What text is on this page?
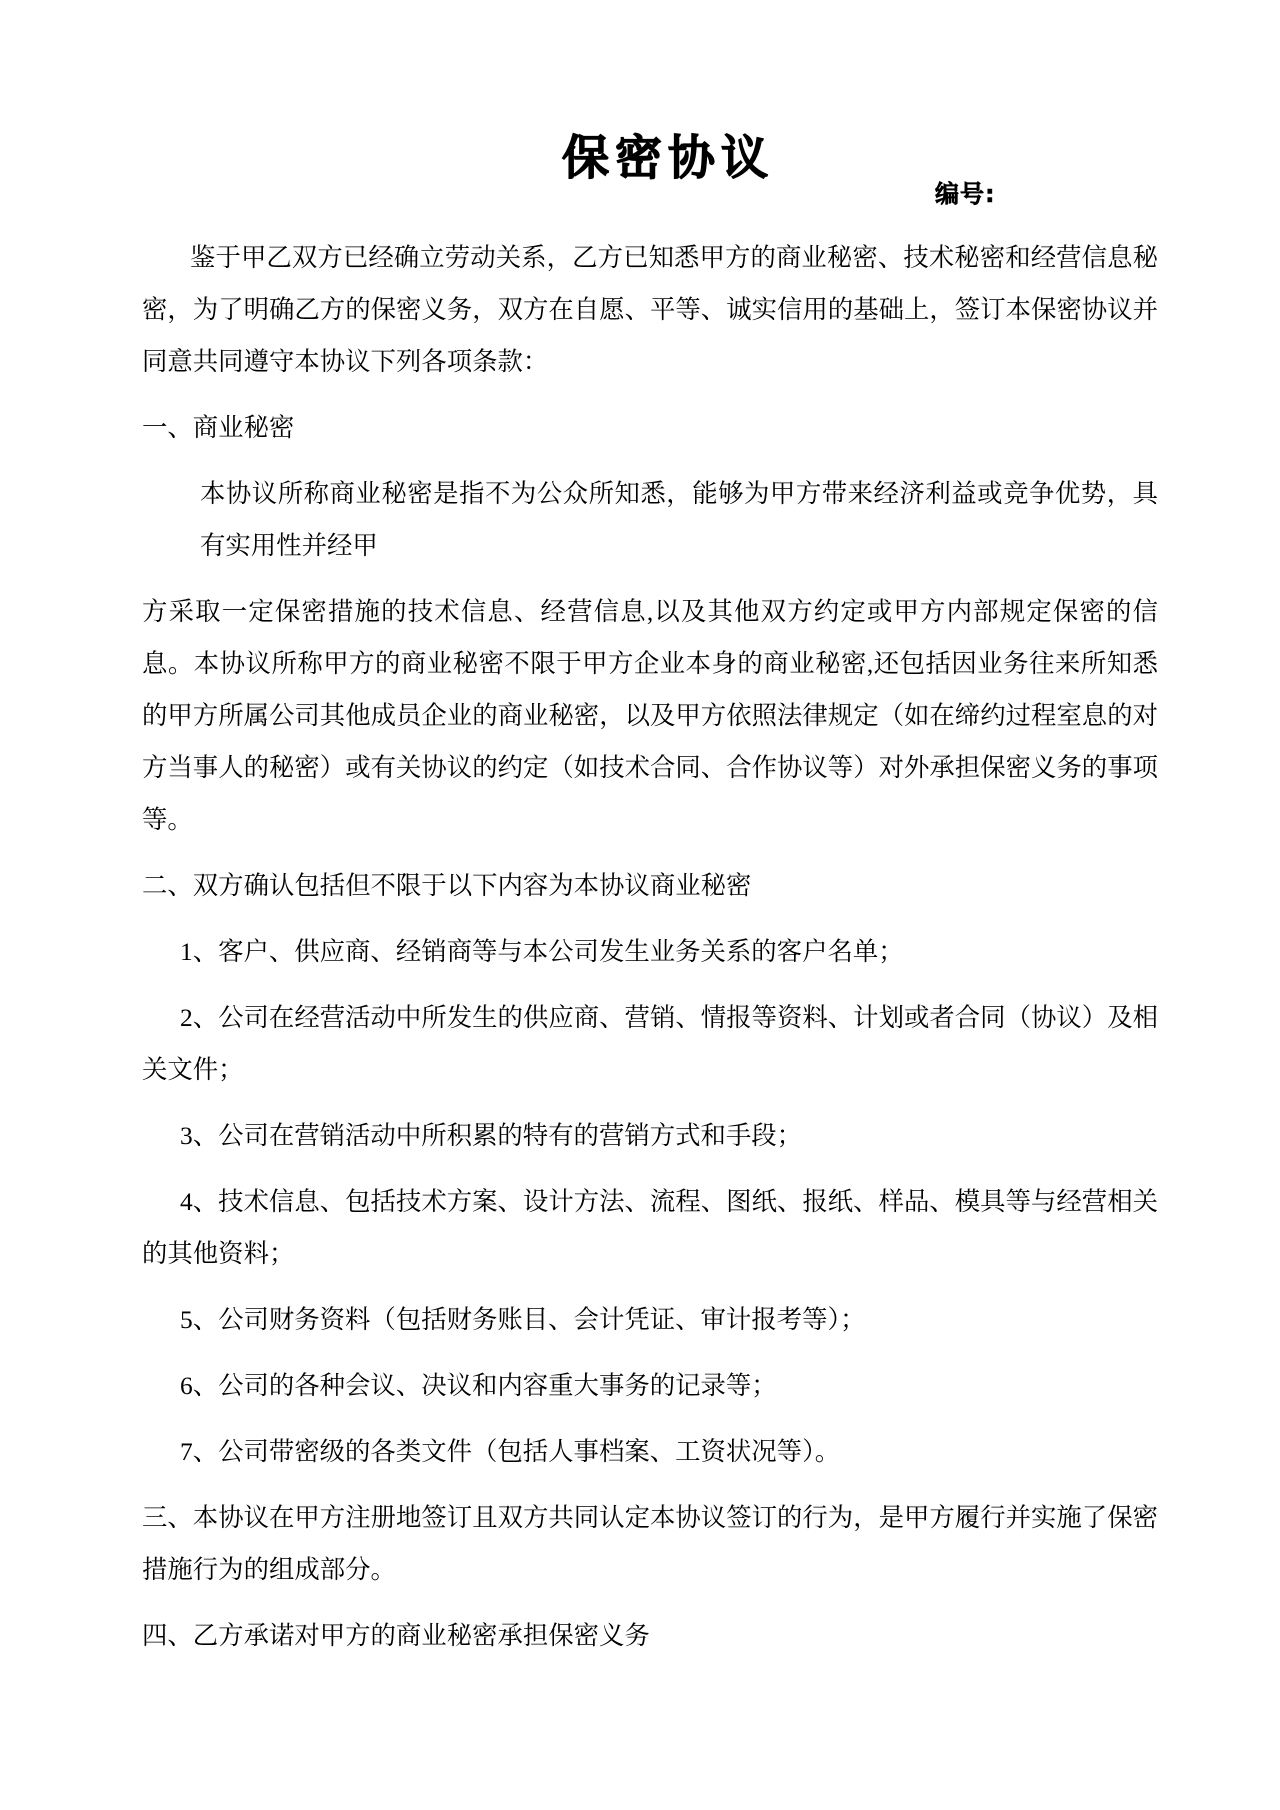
保密协议
编号:

鉴于甲乙双方已经确立劳动关系，乙方已知悉甲方的商业秘密、技术秘密和经营信息秘密，为了明确乙方的保密义务，双方在自愿、平等、诚实信用的基础上，签订本保密协议并同意共同遵守本协议下列各项条款：

一、商业秘密

本协议所称商业秘密是指不为公众所知悉，能够为甲方带来经济利益或竞争优势，具有实用性并经甲

方采取一定保密措施的技术信息、经营信息,以及其他双方约定或甲方内部规定保密的信息。本协议所称甲方的商业秘密不限于甲方企业本身的商业秘密,还包括因业务往来所知悉的甲方所属公司其他成员企业的商业秘密，以及甲方依照法律规定（如在缔约过程室息的对方当事人的秘密）或有关协议的约定（如技术合同、合作协议等）对外承担保密义务的事项等。

二、双方确认包括但不限于以下内容为本协议商业秘密

1、客户、供应商、经销商等与本公司发生业务关系的客户名单；

2、公司在经营活动中所发生的供应商、营销、情报等资料、计划或者合同（协议）及相关文件；

3、公司在营销活动中所积累的特有的营销方式和手段；

4、技术信息、包括技术方案、设计方法、流程、图纸、报纸、样品、模具等与经营相关的其他资料；

5、公司财务资料（包括财务账目、会计凭证、审计报考等）；

6、公司的各种会议、决议和内容重大事务的记录等；

7、公司带密级的各类文件（包括人事档案、工资状况等）。

三、本协议在甲方注册地签订且双方共同认定本协议签订的行为，是甲方履行并实施了保密措施行为的组成部分。

四、乙方承诺对甲方的商业秘密承担保密义务
